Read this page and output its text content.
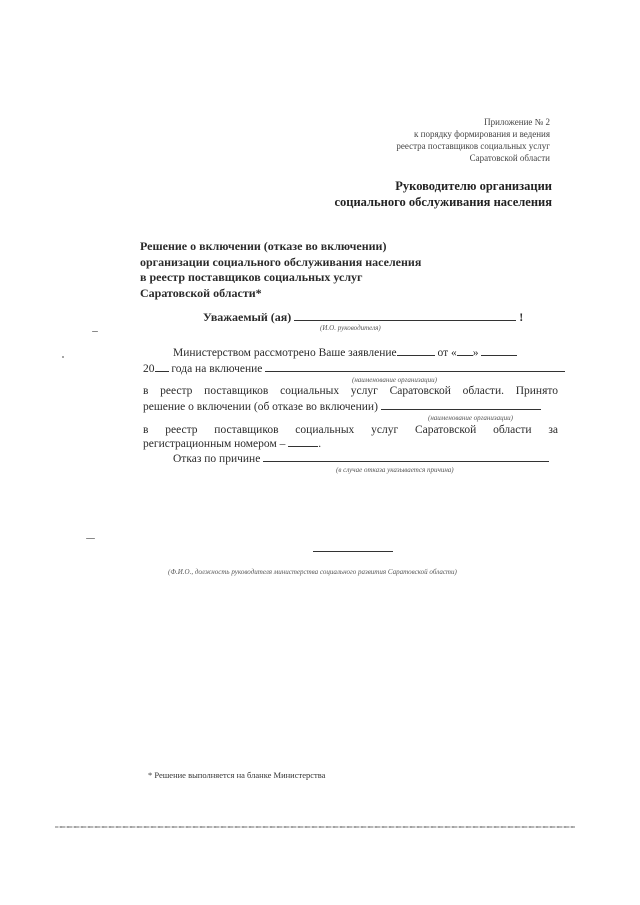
Приложение № 2
к порядку формирования и ведения
реестра поставщиков социальных услуг
Саратовской области
Руководителю организации
социального обслуживания населения
Решение о включении (отказе во включении)
организации социального обслуживания населения
в реестр поставщиков социальных услуг
Саратовской области*
Уважаемый (ая)	!
(И.О. руководителя)
Министерством рассмотрено Ваше заявление	от « »
20 года на включение
(наименование организации)
в реестр поставщиков социальных услуг Саратовской области. Принято
решение о включении (об отказе во включении)
(наименование организации)
в реестр поставщиков социальных услуг Саратовской области за
регистрационным номером –	.
Отказ по причине
(в случае отказа указывается причина)
(Ф.И.О., должность руководителя министерства социального развития Саратовской области)
* Решение выполняется на бланке Министерства
